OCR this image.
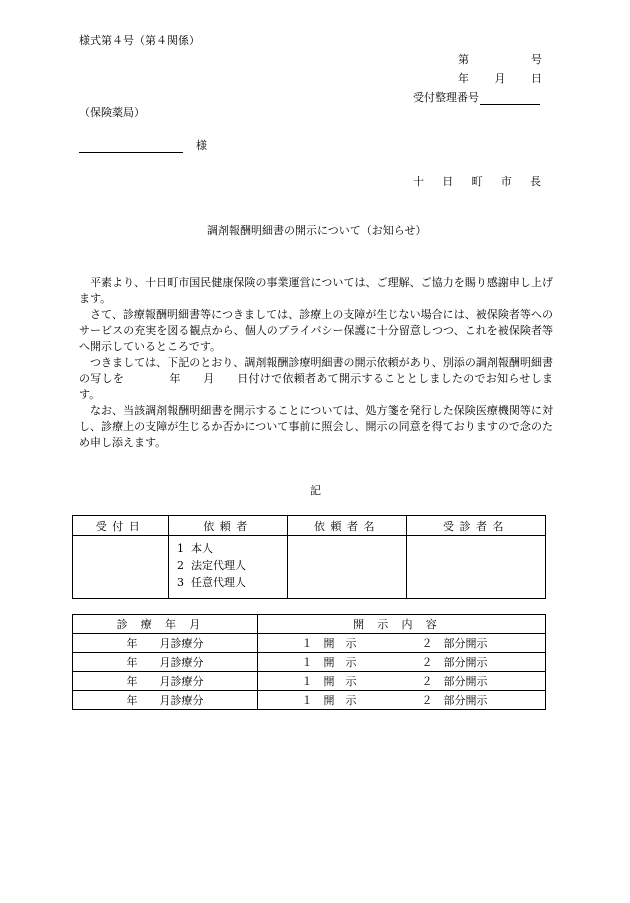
様式第４号（第４関係）
第	号
年 月 日
受付整理番号
（保険薬局）
様
十 日 町 市 長
調剤報酬明細書の開示について（お知らせ）

平素より、十日町市国民健康保険の事業運営については、ご理解、ご協力を賜り感謝申し上げます。

さて、診療報酬明細書等につきましては、診療上の支障が生じない場合には、被保険者等へのサービスの充実を図る観点から、個人のプライバシー保護に十分留意しつつ、これを被保険者等へ開示しているところです。

つきましては、下記のとおり、調剤報酬診療明細書の開示依頼があり、別添の調剤報酬明細書の写しを　　　　年　　月　　日付けで依頼者あて開示することとしましたのでお知らせします。

なお、当該調剤報酬明細書を開示することについては、処方箋を発行した保険医療機関等に対し、診療上の支障が生じるか否かについて事前に照会し、開示の同意を得ておりますので念のため申し添えます。

記
受付日	依頼者	依頼者名	受診者名

	1 本人
2 法定代理人
3 任意代理人		

診療年月	開示内容
年　　月診療分	１　開　示 ２　部分開示
年　　月診療分	１　開　示 ２　部分開示
年　　月診療分	１　開　示 ２　部分開示
年　　月診療分	１　開　示 ２　部分開示
